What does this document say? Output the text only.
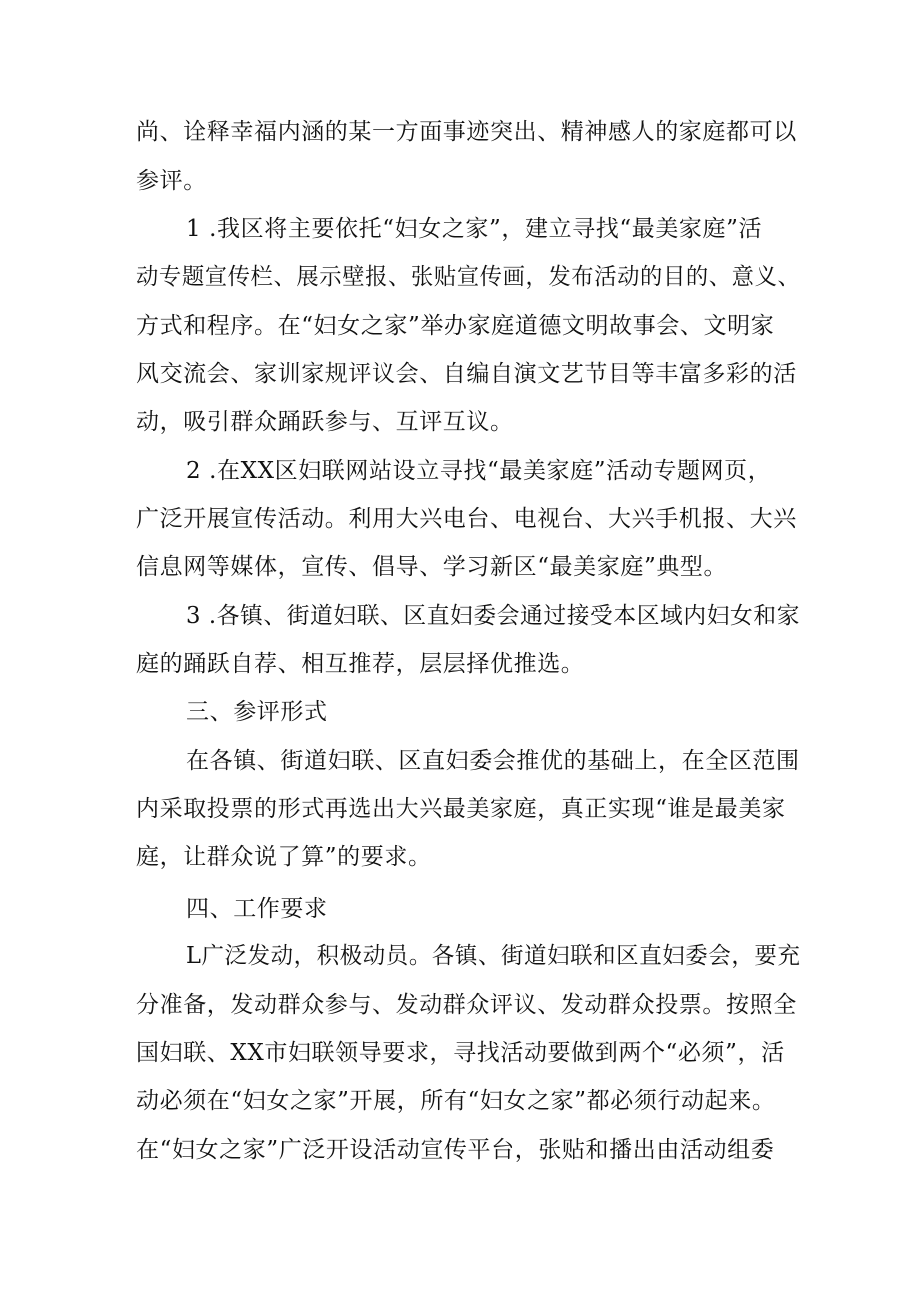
尚、诠释幸福内涵的某一方面事迹突出、精神感人的家庭都可以

参评。

1 .我区将主要依托“妇女之家”，建立寻找“最美家庭”活

动专题宣传栏、展示壁报、张贴宣传画，发布活动的目的、意义、

方式和程序。在“妇女之家”举办家庭道德文明故事会、文明家

风交流会、家训家规评议会、自编自演文艺节目等丰富多彩的活

动，吸引群众踊跃参与、互评互议。

2 .在XX区妇联网站设立寻找“最美家庭”活动专题网页，

广泛开展宣传活动。利用大兴电台、电视台、大兴手机报、大兴

信息网等媒体，宣传、倡导、学习新区“最美家庭”典型。

3 .各镇、街道妇联、区直妇委会通过接受本区域内妇女和家

庭的踊跃自荐、相互推荐，层层择优推选。

三、参评形式

在各镇、街道妇联、区直妇委会推优的基础上，在全区范围

内采取投票的形式再选出大兴最美家庭，真正实现“谁是最美家

庭，让群众说了算”的要求。

四、工作要求

L广泛发动，积极动员。各镇、街道妇联和区直妇委会，要充

分准备，发动群众参与、发动群众评议、发动群众投票。按照全

国妇联、XX市妇联领导要求，寻找活动要做到两个“必须”，活

动必须在“妇女之家”开展，所有“妇女之家”都必须行动起来。

在“妇女之家”广泛开设活动宣传平台，张贴和播出由活动组委
